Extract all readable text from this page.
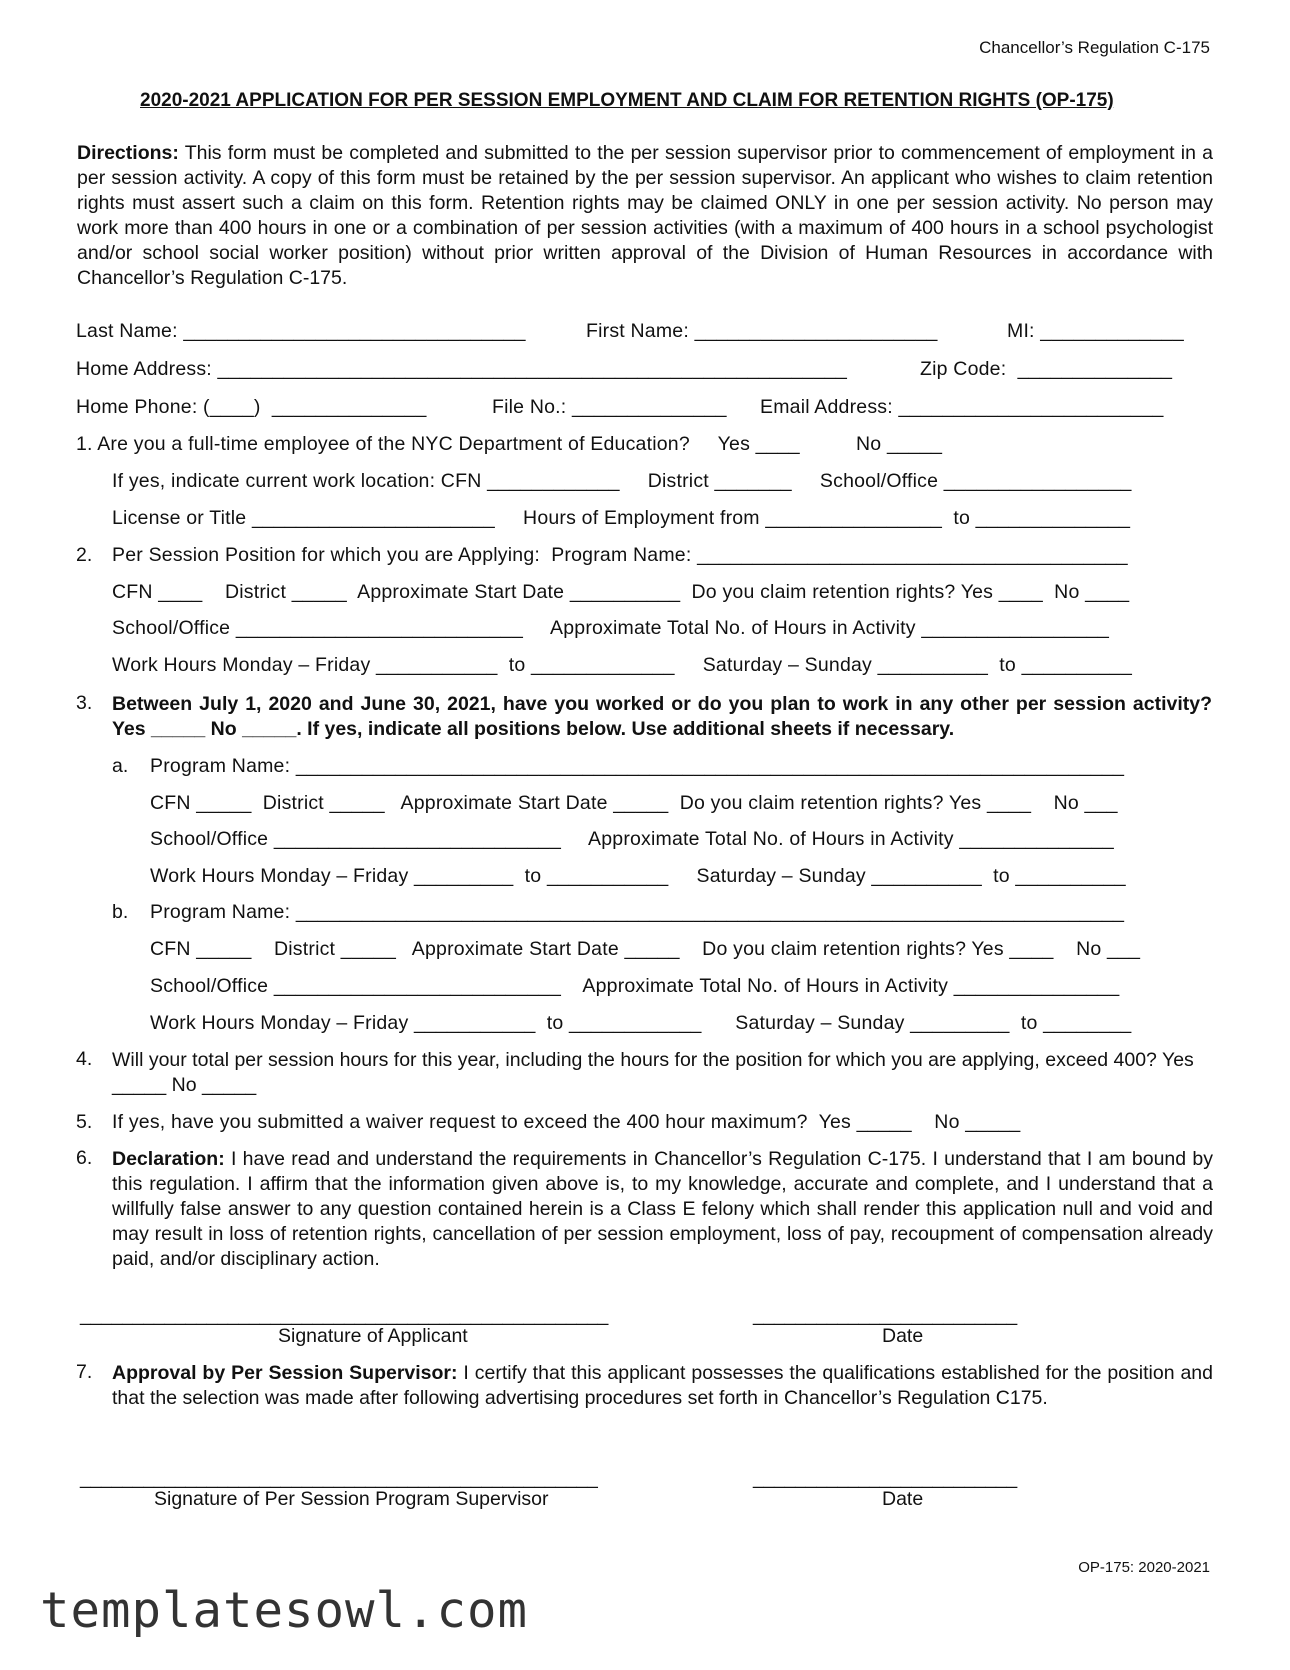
Chancellor’s Regulation C-175
2020-2021 APPLICATION FOR PER SESSION EMPLOYMENT AND CLAIM FOR RETENTION RIGHTS (OP-175)
Directions: This form must be completed and submitted to the per session supervisor prior to commencement of employment in a per session activity. A copy of this form must be retained by the per session supervisor. An applicant who wishes to claim retention rights must assert such a claim on this form. Retention rights may be claimed ONLY in one per session activity. No person may work more than 400 hours in one or a combination of per session activities (with a maximum of 400 hours in a school psychologist and/or school social worker position) without prior written approval of the Division of Human Resources in accordance with Chancellor’s Regulation C-175.
Last Name: _______________________________	First Name: ______________________	MI: _____________
Home Address: _________________________________________________________	Zip Code:  ______________
Home Phone: (____)  ______________	File No.: ______________ Email Address: ________________________
1. Are you a full-time employee of the NYC Department of Education?     Yes ____          No _____
If yes, indicate current work location: CFN ____________     District _______     School/Office _________________
License or Title ______________________     Hours of Employment from ________________  to ______________
2. Per Session Position for which you are Applying:  Program Name: _______________________________________
CFN ____    District _____  Approximate Start Date __________  Do you claim retention rights? Yes ____  No ____
School/Office __________________________     Approximate Total No. of Hours in Activity _________________
Work Hours Monday – Friday ___________  to _____________     Saturday – Sunday __________  to __________
3. Between July 1, 2020 and June 30, 2021, have you worked or do you plan to work in any other per session activity? Yes _____ No _____. If yes, indicate all positions below. Use additional sheets if necessary.
a. Program Name: ___________________________________________________________________________
CFN _____  District _____   Approximate Start Date _____  Do you claim retention rights? Yes ____    No ___
School/Office __________________________     Approximate Total No. of Hours in Activity ______________
Work Hours Monday – Friday _________  to ___________     Saturday – Sunday __________  to __________
b. Program Name: ___________________________________________________________________________
CFN _____    District _____   Approximate Start Date _____    Do you claim retention rights? Yes ____    No ___
School/Office __________________________    Approximate Total No. of Hours in Activity _______________
Work Hours Monday – Friday ___________  to ____________      Saturday – Sunday _________  to ________
4. Will your total per session hours for this year, including the hours for the position for which you are applying, exceed 400? Yes _____ No _____
5. If yes, have you submitted a waiver request to exceed the 400 hour maximum?  Yes _____    No _____
6. Declaration: I have read and understand the requirements in Chancellor’s Regulation C-175. I understand that I am bound by this regulation. I affirm that the information given above is, to my knowledge, accurate and complete, and I understand that a willfully false answer to any question contained herein is a Class E felony which shall render this application null and void and may result in loss of retention rights, cancellation of per session employment, loss of pay, recoupment of compensation already paid, and/or disciplinary action.
__________________________________________________
Signature of Applicant
_________________________
Date
7. Approval by Per Session Supervisor: I certify that this applicant possesses the qualifications established for the position and that the selection was made after following advertising procedures set forth in Chancellor’s Regulation C175.
_________________________________________________
Signature of Per Session Program Supervisor
_________________________
Date
OP-175: 2020-2021
templatesowl.com
